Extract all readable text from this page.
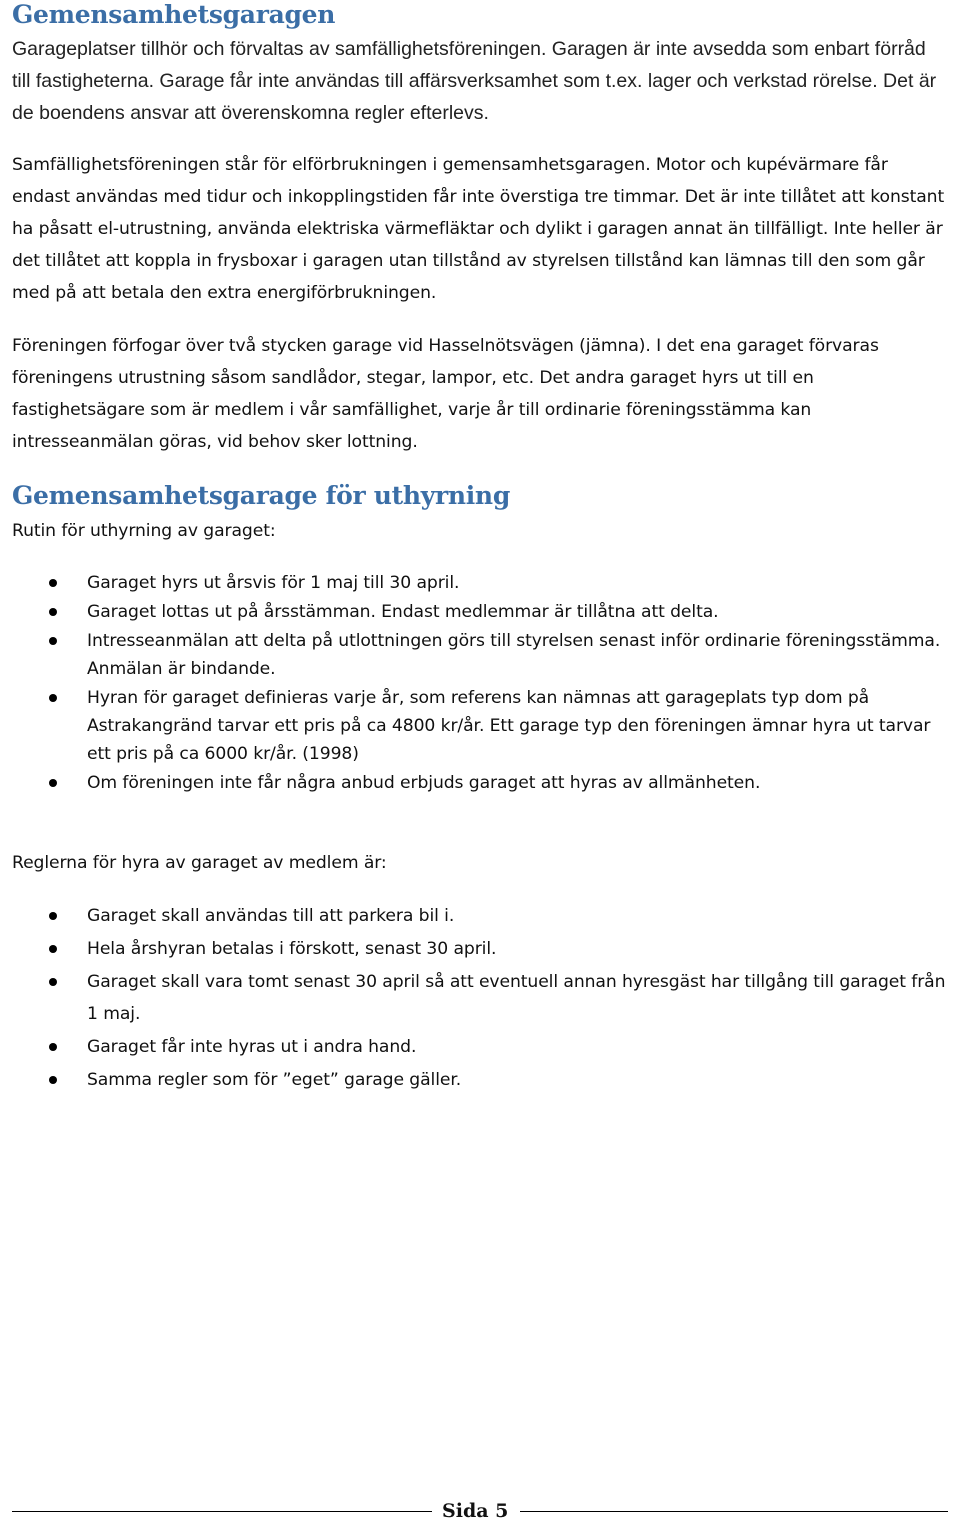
Gemensamhetsgaragen

Garageplatser tillhör och förvaltas av samfällighetsföreningen. Garagen är inte avsedda som enbart förråd till fastigheterna. Garage får inte användas till affärsverksamhet som t.ex. lager och verkstad rörelse. Det är de boendens ansvar att överenskomna regler efterlevs.

Samfällighetsföreningen står för elförbrukningen i gemensamhetsgaragen. Motor och kupévärmare får endast användas med tidur och inkopplingstiden får inte överstiga tre timmar. Det är inte tillåtet att konstant ha påsatt el-utrustning, använda elektriska värmefläktar och dylikt i garagen annat än tillfälligt. Inte heller är det tillåtet att koppla in frysboxar i garagen utan tillstånd av styrelsen tillstånd kan lämnas till den som går med på att betala den extra energiförbrukningen.

Föreningen förfogar över två stycken garage vid Hasselnötsvägen (jämna). I det ena garaget förvaras föreningens utrustning såsom sandlådor, stegar, lampor, etc. Det andra garaget hyrs ut till en fastighetsägare som är medlem i vår samfällighet, varje år till ordinarie föreningsstämma kan intresseanmälan göras, vid behov sker lottning.

Gemensamhetsgarage för uthyrning

Rutin för uthyrning av garaget:

Garaget hyrs ut årsvis för 1 maj till 30 april.
Garaget lottas ut på årsstämman. Endast medlemmar är tillåtna att delta.
Intresseanmälan att delta på utlottningen görs till styrelsen senast inför ordinarie föreningsstämma. Anmälan är bindande.
Hyran för garaget definieras varje år, som referens kan nämnas att garageplats typ dom på Astrakangränd tarvar ett pris på ca 4800 kr/år. Ett garage typ den föreningen ämnar hyra ut tarvar ett pris på ca 6000 kr/år. (1998)
Om föreningen inte får några anbud erbjuds garaget att hyras av allmänheten.

Reglerna för hyra av garaget av medlem är:

Garaget skall användas till att parkera bil i.
Hela årshyran betalas i förskott, senast 30 april.
Garaget skall vara tomt senast 30 april så att eventuell annan hyresgäst har tillgång till garaget från 1 maj.
Garaget får inte hyras ut i andra hand.
Samma regler som för ”eget” garage gäller.
Sida 5
